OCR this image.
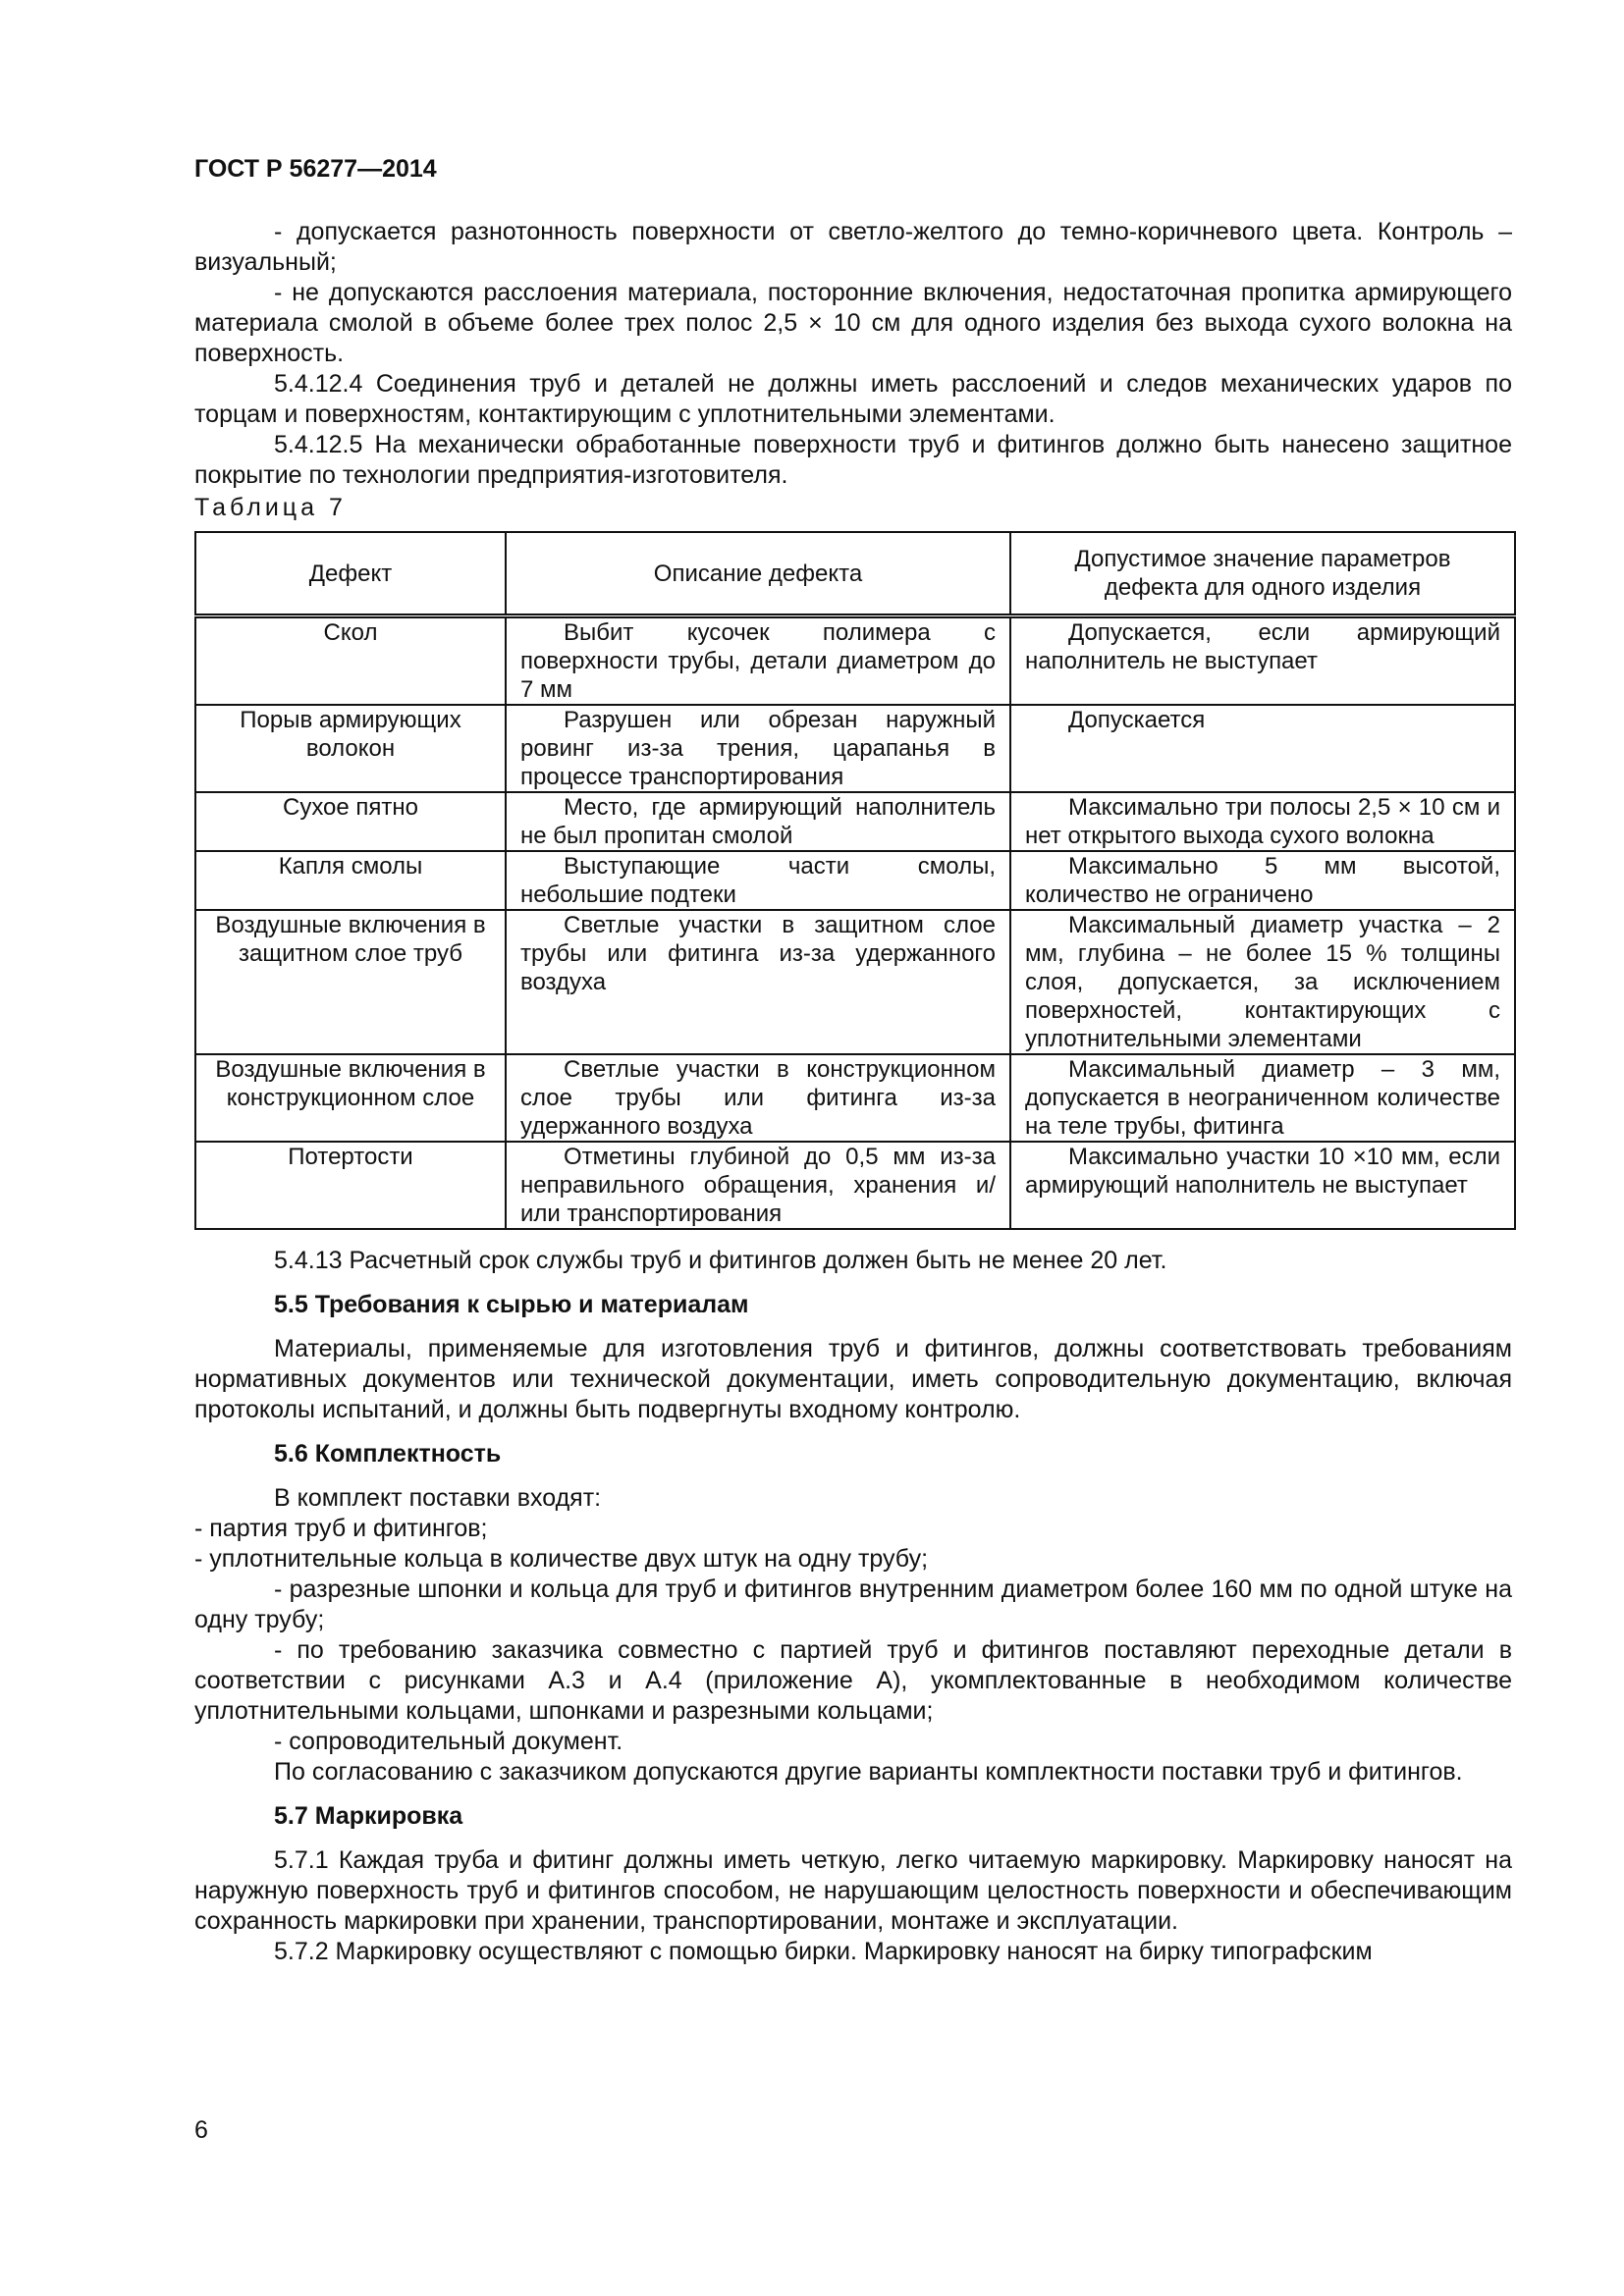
ГОСТ Р 56277—2014

- допускается разнотонность поверхности от светло-желтого до темно-коричневого цвета. Контроль – визуальный;

- не допускаются расслоения материала, посторонние включения, недостаточная пропитка армирующего материала смолой в объеме более трех полос 2,5 × 10 см для одного изделия без выхода сухого волокна на поверхность.

5.4.12.4 Соединения труб и деталей не должны иметь расслоений и следов механических ударов по торцам и поверхностям, контактирующим с уплотнительными элементами.

5.4.12.5 На механически обработанные поверхности труб и фитингов должно быть нанесено защитное покрытие по технологии предприятия-изготовителя.

Таблица 7
Дефект	Описание дефекта	Допустимое значение параметров дефекта для одного изделия
Скол	Выбит кусочек полимера с поверхности трубы, детали диаметром до 7 мм	Допускается, если армирующий наполнитель не выступает
Порыв армирующих волокон	Разрушен или обрезан наружный ровинг из-за трения, царапанья в процессе транспортирования	Допускается
Сухое пятно	Место, где армирующий наполнитель не был пропитан смолой	Максимально три полосы 2,5 × 10 см и нет открытого выхода сухого волокна
Капля смолы	Выступающие части смолы, небольшие подтеки	Максимально 5 мм высотой, количество не ограничено
Воздушные включения в защитном слое труб	Светлые участки в защитном слое трубы или фитинга из-за удержанного воздуха	Максимальный диаметр участка – 2 мм, глубина – не более 15 % толщины слоя, допускается, за исключением поверхностей, контактирующих с уплотнительными элементами
Воздушные включения в конструкционном слое	Светлые участки в конструкционном слое трубы или фитинга из-за удержанного воздуха	Максимальный диаметр – 3 мм, допускается в неограниченном количестве на теле трубы, фитинга
Потертости	Отметины глубиной до 0,5 мм из-за неправильного обращения, хранения и/или транспортирования	Максимально участки 10 ×10 мм, если армирующий наполнитель не выступает

5.4.13 Расчетный срок службы труб и фитингов должен быть не менее 20 лет.

5.5 Требования к сырью и материалам

Материалы, применяемые для изготовления труб и фитингов, должны соответствовать требованиям нормативных документов или технической документации, иметь сопроводительную документацию, включая протоколы испытаний, и должны быть подвергнуты входному контролю.

5.6 Комплектность

В комплект поставки входят:

- партия труб и фитингов;

- уплотнительные кольца в количестве двух штук на одну трубу;

- разрезные шпонки и кольца для труб и фитингов внутренним диаметром более 160 мм по одной штуке на одну трубу;

- по требованию заказчика совместно с партией труб и фитингов поставляют переходные детали в соответствии с рисунками А.3 и А.4 (приложение А), укомплектованные в необходимом количестве уплотнительными кольцами, шпонками и разрезными кольцами;

- сопроводительный документ.

По согласованию с заказчиком допускаются другие варианты комплектности поставки труб и фитингов.

5.7 Маркировка

5.7.1 Каждая труба и фитинг должны иметь четкую, легко читаемую маркировку. Маркировку наносят на наружную поверхность труб и фитингов способом, не нарушающим целостность поверхности и обеспечивающим сохранность маркировки при хранении, транспортировании, монтаже и эксплуатации.

5.7.2 Маркировку осуществляют с помощью бирки. Маркировку наносят на бирку типографским

6
